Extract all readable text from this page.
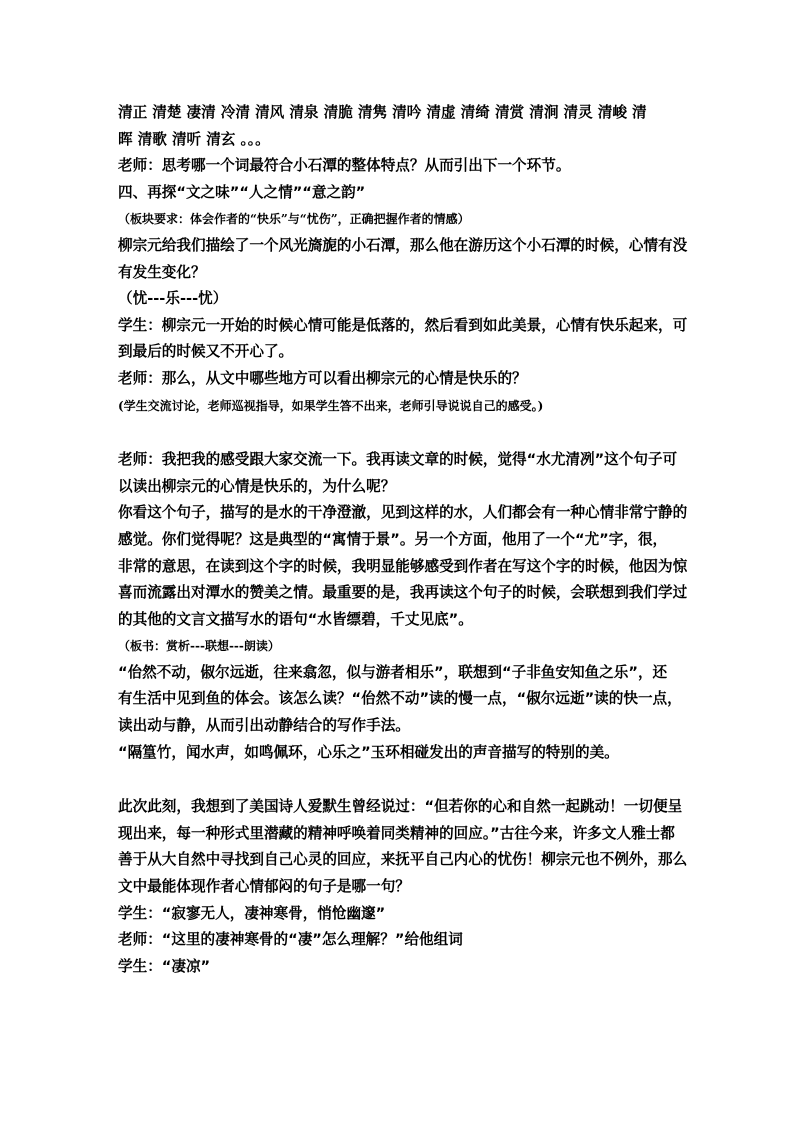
清正 清楚 凄清 冷清 清风 清泉 清脆 清隽 清吟 清虚 清绮 清赏 清涧 清灵 清峻 清
晖 清歌 清听 清玄 。。。
老师：思考哪一个词最符合小石潭的整体特点？从而引出下一个环节。
四、再探“文之味”“人之情”“意之韵”
（板块要求：体会作者的“快乐”与“忧伤”，正确把握作者的情感）
柳宗元给我们描绘了一个风光旖旎的小石潭，那么他在游历这个小石潭的时候，心情有没
有发生变化？
（忧---乐---忧）
学生：柳宗元一开始的时候心情可能是低落的，然后看到如此美景，心情有快乐起来，可
到最后的时候又不开心了。
老师：那么，从文中哪些地方可以看出柳宗元的心情是快乐的？
(学生交流讨论，老师巡视指导，如果学生答不出来，老师引导说说自己的感受。)
老师：我把我的感受跟大家交流一下。我再读文章的时候，觉得“水尤清冽”这个句子可
以读出柳宗元的心情是快乐的，为什么呢？
你看这个句子，描写的是水的干净澄澈，见到这样的水，人们都会有一种心情非常宁静的
感觉。你们觉得呢？这是典型的“寓情于景”。另一个方面，他用了一个“尤”字，很，
非常的意思，在读到这个字的时候，我明显能够感受到作者在写这个字的时候，他因为惊
喜而流露出对潭水的赞美之情。最重要的是，我再读这个句子的时候，会联想到我们学过
的其他的文言文描写水的语句“水皆缥碧，千丈见底”。
（板书：赏析---联想---朗读）
“佁然不动，俶尔远逝，往来翕忽，似与游者相乐”，联想到“子非鱼安知鱼之乐”，还
有生活中见到鱼的体会。该怎么读？“佁然不动”读的慢一点，“俶尔远逝”读的快一点，
读出动与静，从而引出动静结合的写作手法。
“隔篁竹，闻水声，如鸣佩环，心乐之”玉环相碰发出的声音描写的特别的美。
此次此刻，我想到了美国诗人爱默生曾经说过：“但若你的心和自然一起跳动！一切便呈
现出来，每一种形式里潜藏的精神呼唤着同类精神的回应。”古往今来，许多文人雅士都
善于从大自然中寻找到自己心灵的回应，来抚平自己内心的忧伤！柳宗元也不例外，那么
文中最能体现作者心情郁闷的句子是哪一句？
学生：“寂寥无人，凄神寒骨，悄怆幽邃”
老师：“这里的凄神寒骨的“凄”怎么理解？”给他组词
学生：“凄凉”
